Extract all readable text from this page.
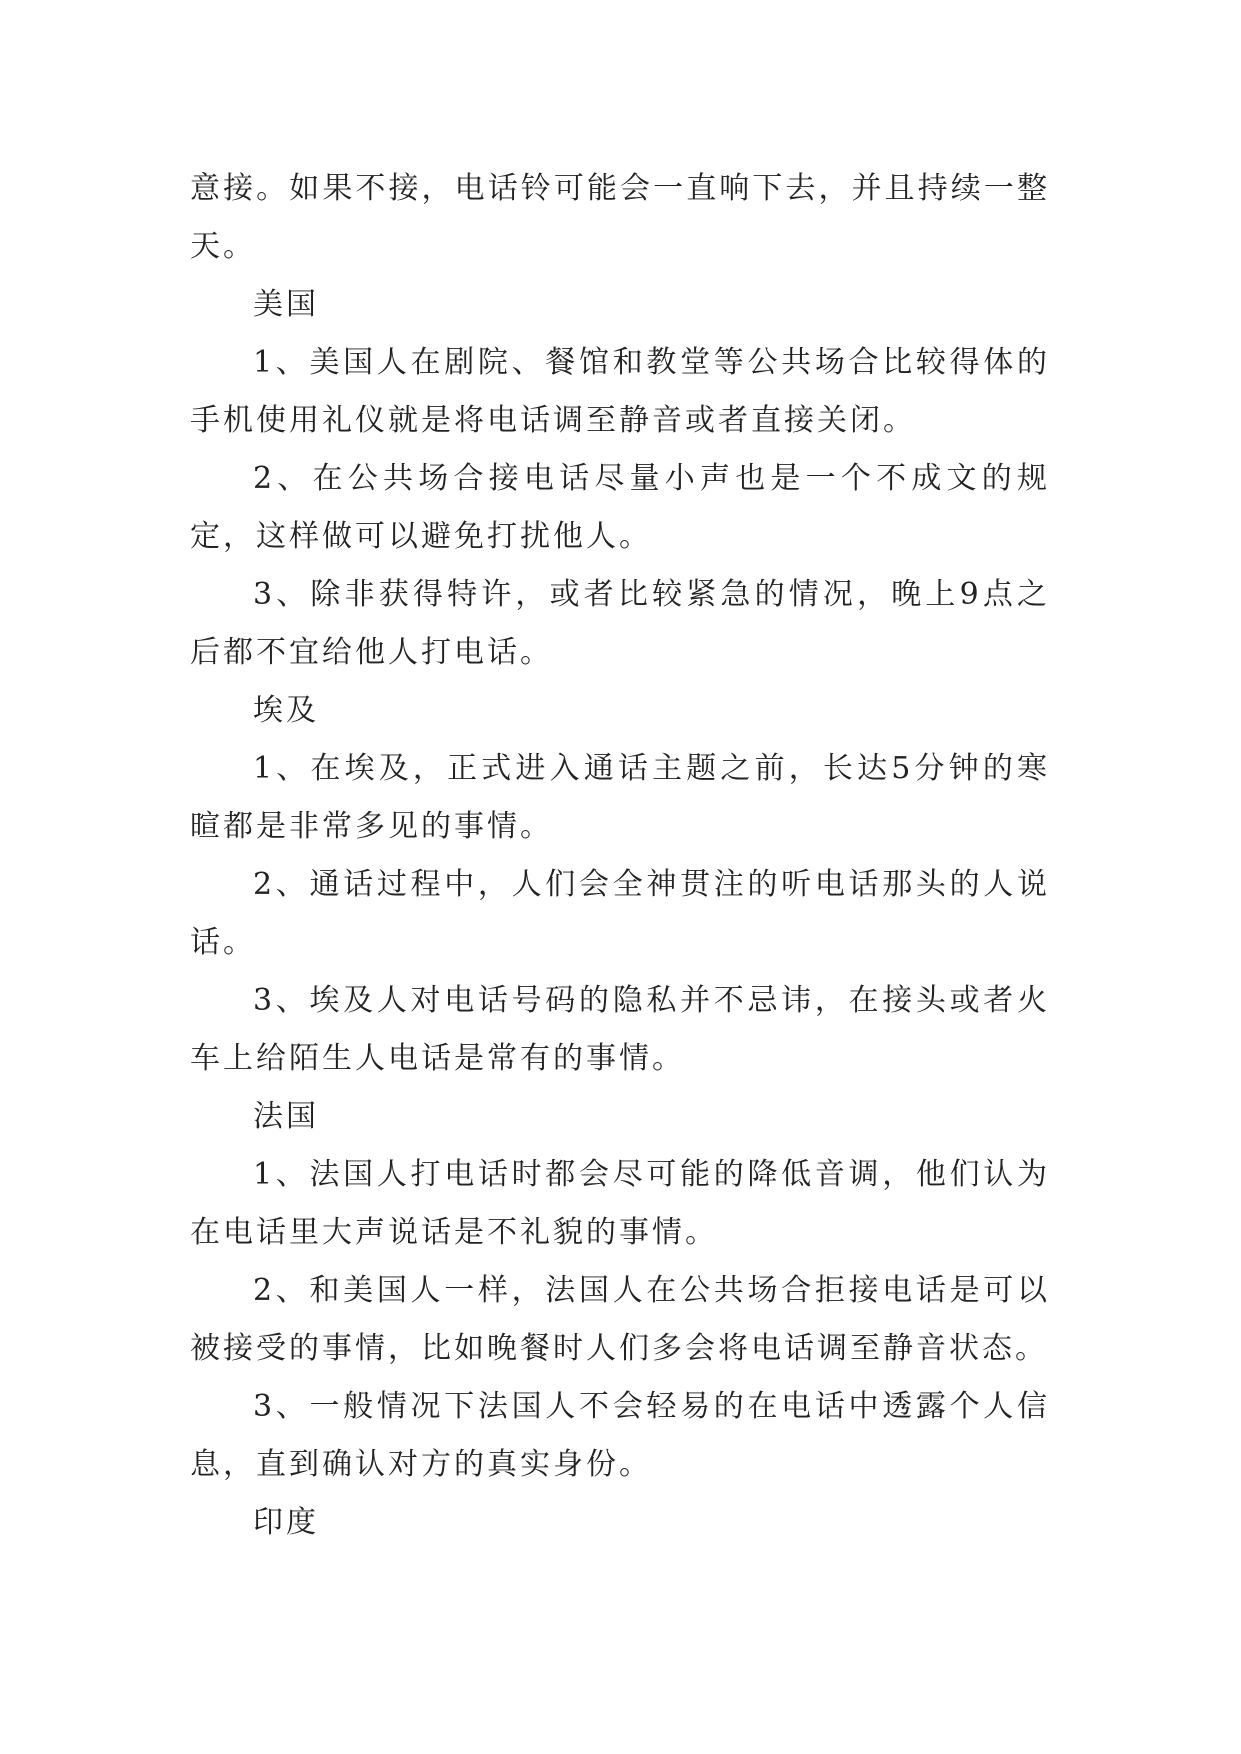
意接。如果不接，电话铃可能会一直响下去，并且持续一整天。

美国

1、美国人在剧院、餐馆和教堂等公共场合比较得体的手机使用礼仪就是将电话调至静音或者直接关闭。

2、在公共场合接电话尽量小声也是一个不成文的规定，这样做可以避免打扰他人。

3、除非获得特许，或者比较紧急的情况，晚上9点之后都不宜给他人打电话。

埃及

1、在埃及，正式进入通话主题之前，长达5分钟的寒暄都是非常多见的事情。

2、通话过程中，人们会全神贯注的听电话那头的人说话。

3、埃及人对电话号码的隐私并不忌讳，在接头或者火车上给陌生人电话是常有的事情。

法国

1、法国人打电话时都会尽可能的降低音调，他们认为在电话里大声说话是不礼貌的事情。

2、和美国人一样，法国人在公共场合拒接电话是可以被接受的事情，比如晚餐时人们多会将电话调至静音状态。

3、一般情况下法国人不会轻易的在电话中透露个人信息，直到确认对方的真实身份。

印度
